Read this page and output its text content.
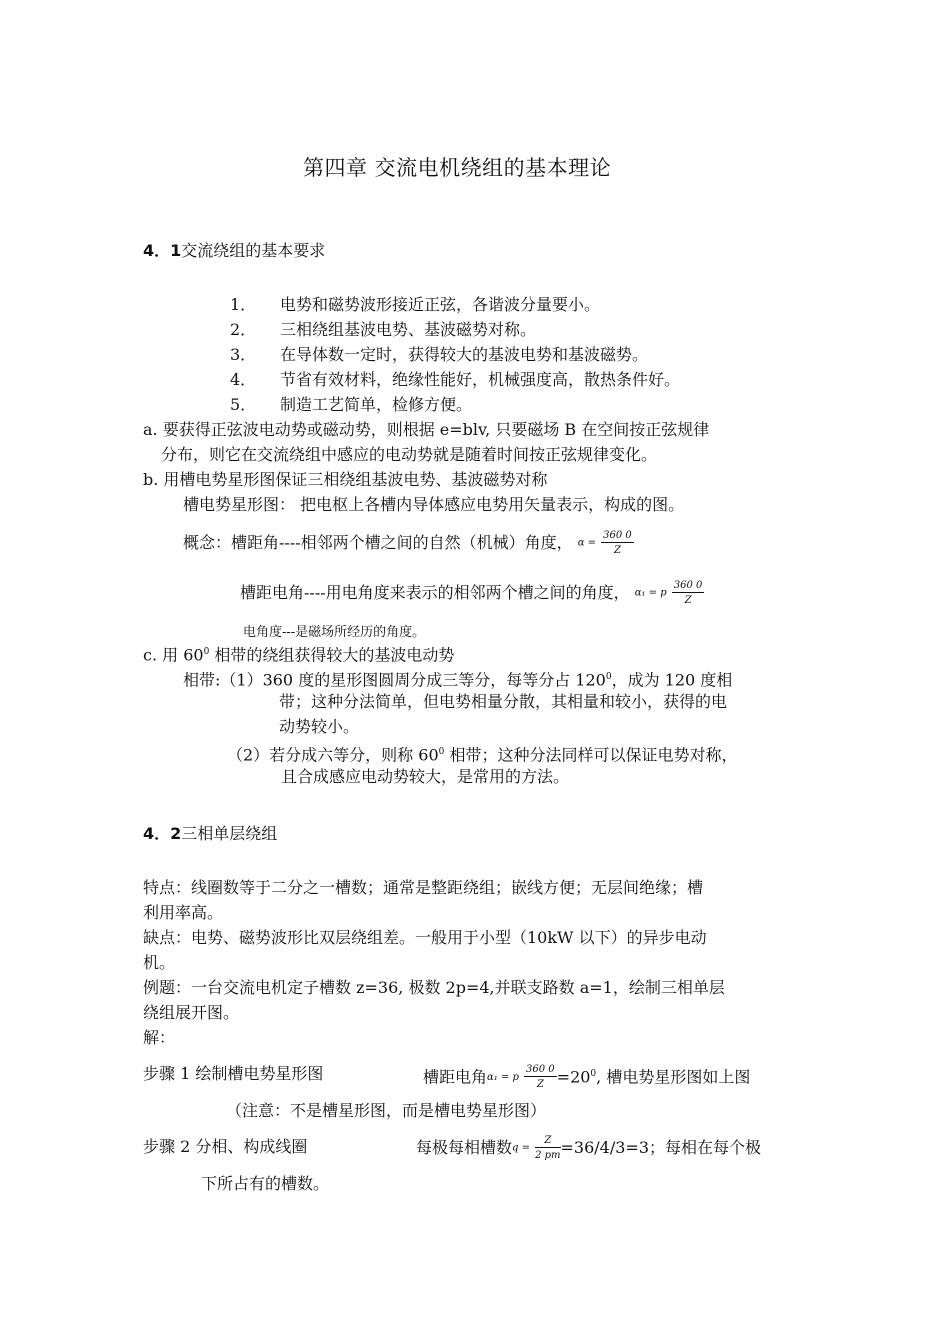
第四章 交流电机绕组的基本理论
4．1交流绕组的基本要求
1． 电势和磁势波形接近正弦，各谐波分量要小。
2． 三相绕组基波电势、基波磁势对称。
3． 在导体数一定时，获得较大的基波电势和基波磁势。
4． 节省有效材料，绝缘性能好，机械强度高，散热条件好。
5． 制造工艺简单，检修方便。
a. 要获得正弦波电动势或磁动势，则根据 e=blv, 只要磁场 B 在空间按正弦规律
分布，则它在交流绕组中感应的电动势就是随着时间按正弦规律变化。
b. 用槽电势星形图保证三相绕组基波电势、基波磁势对称
槽电势星形图： 把电枢上各槽内导体感应电势用矢量表示，构成的图。
概念：槽距角----相邻两个槽之间的自然（机械）角度， $\alpha = \frac{360 0}{Z}$
槽距电角----用电角度来表示的相邻两个槽之间的角度， α₁ = p $\frac{360 0}{Z}$
电角度---是磁场所经历的角度。
c. 用 $60^0$ 相带的绕组获得较大的基波电动势
相带:（1）360 度的星形图圆周分成三等分，每等分占 $120^0$，成为 120 度相
带；这种分法简单，但电势相量分散，其相量和较小，获得的电
动势较小。
（2）若分成六等分，则称 $60^0$ 相带；这种分法同样可以保证电势对称，
且合成感应电动势较大，是常用的方法。
4．2三相单层绕组
特点：线圈数等于二分之一槽数；通常是整距绕组；嵌线方便；无层间绝缘；槽
利用率高。
缺点：电势、磁势波形比双层绕组差。一般用于小型（10kW 以下）的异步电动
机。
例题：一台交流电机定子槽数 z=36, 极数 2p=4,并联支路数 a=1，绘制三相单层
绕组展开图。
解：
步骤 1 绘制槽电势星形图	槽距电角α₁ = p $\frac{360 0}{Z} =20^0$, 槽电势星形图如上图
（注意：不是槽星形图，而是槽电势星形图）
步骤 2 分相、构成线圈	每极每相槽数$q = \frac{Z}{2 pm} =36/4/3=3$；每相在每个极
下所占有的槽数。
